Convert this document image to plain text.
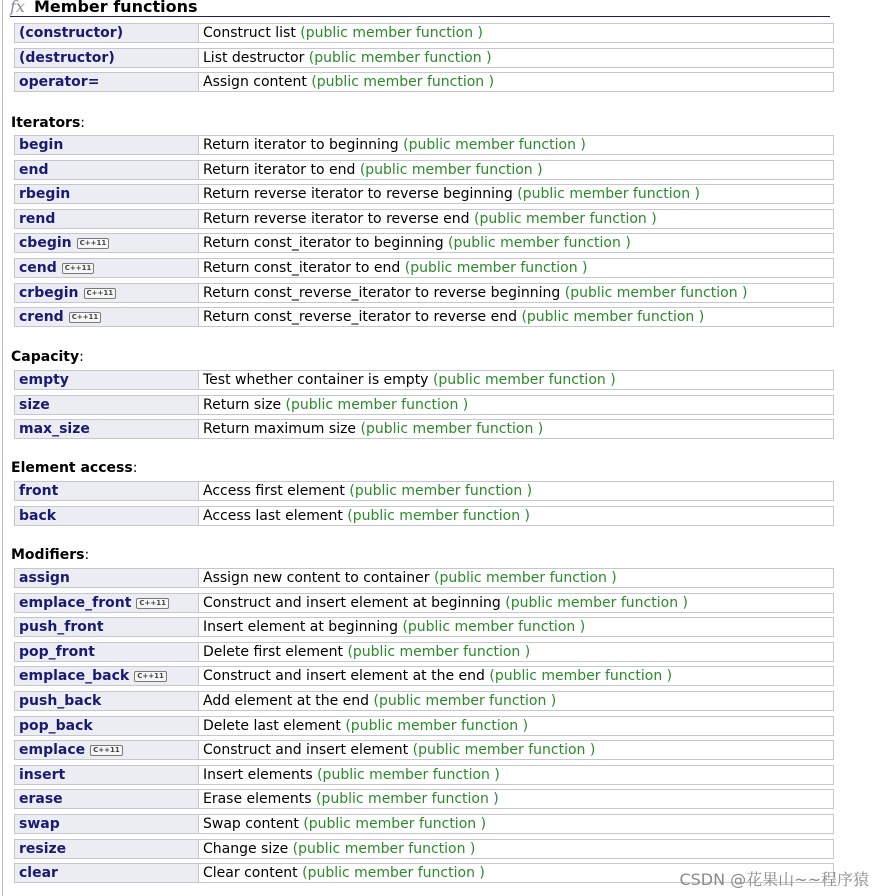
fx Member functions
(constructor)	Construct list (public member function )
(destructor)	List destructor (public member function )
operator=	Assign content (public member function )
Iterators:
begin	Return iterator to beginning (public member function )
end	Return iterator to end (public member function )
rbegin	Return reverse iterator to reverse beginning (public member function )
rend	Return reverse iterator to reverse end (public member function )
cbegin	C++11	Return const_iterator to beginning (public member function )
cend	C++11	Return const_iterator to end (public member function )
crbegin	C++11	Return const_reverse_iterator to reverse beginning (public member function )
crend	C++11	Return const_reverse_iterator to reverse end (public member function )
Capacity:
empty	Test whether container is empty (public member function )
size	Return size (public member function )
max_size	Return maximum size (public member function )
Element access:
front	Access first element (public member function )
back	Access last element (public member function )
Modifiers:
assign	Assign new content to container (public member function )
emplace_front	C++11	Construct and insert element at beginning (public member function )
push_front	Insert element at beginning (public member function )
pop_front	Delete first element (public member function )
emplace_back	C++11	Construct and insert element at the end (public member function )
push_back	Add element at the end (public member function )
pop_back	Delete last element (public member function )
emplace	C++11	Construct and insert element (public member function )
insert	Insert elements (public member function )
erase	Erase elements (public member function )
swap	Swap content (public member function )
resize	Change size (public member function )
clear	Clear content (public member function )	CSDN @花果山~~程序猿
